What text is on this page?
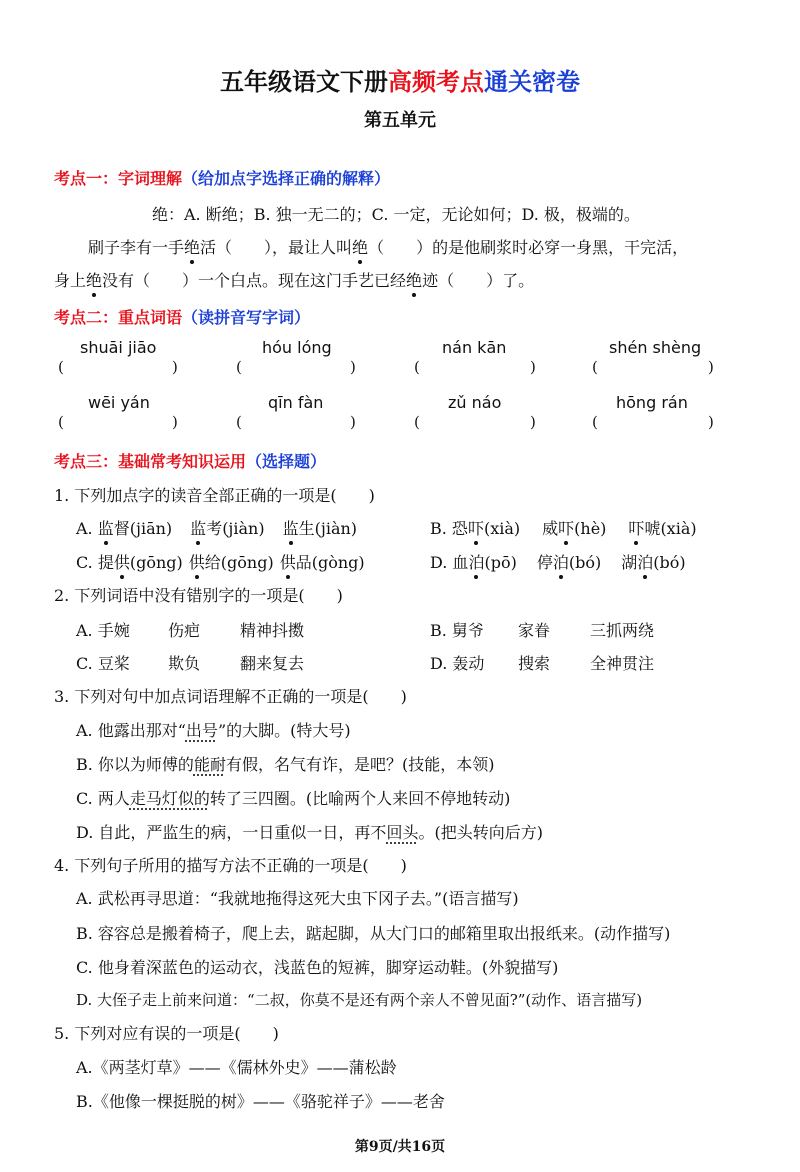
五年级语文下册高频考点通关密卷
第五单元
考点一：字词理解（给加点字选择正确的解释）
绝：A. 断绝；B. 独一无二的；C. 一定，无论如何；D. 极，极端的。
刷子李有一手绝活（　　），最让人叫绝（　　）的是他刷浆时必穿一身黑，干完活，
身上绝没有（　　）一个白点。现在这门手艺已经绝迹（　　）了。
考点二：重点词语（读拼音写字词）
shuāi jiāo	hóu lóng	nán kān	shén shèng
(	)	(	)	(	)	(	)
wēi yán	qīn fàn	zǔ náo	hōng rán
(	)	(	)	(	)	(	)
考点三：基础常考知识运用（选择题）
1. 下列加点字的读音全部正确的一项是(　　)
A. 监督(jiān) 监考(jiàn) 监生(jiàn)	B. 恐吓(xià) 威吓(hè) 吓唬(xià)
C. 提供(gōng) 供给(gōng) 供品(gòng)	D. 血泊(pō) 停泊(bó) 湖泊(bó)
2. 下列词语中没有错别字的一项是(　　)
A. 手婉 伤疤 精神抖擞	B. 舅爷 家眷 三抓两绕
C. 豆桨 欺负 翻来复去	D. 轰动 搜索 全神贯注
3. 下列对句中加点词语理解不正确的一项是(　　)
A. 他露出那对“出号”的大脚。(特大号)
B. 你以为师傅的能耐有假，名气有诈，是吧？(技能，本领)
C. 两人走马灯似的转了三四圈。(比喻两个人来回不停地转动)
D. 自此，严监生的病，一日重似一日，再不回头。(把头转向后方)
4. 下列句子所用的描写方法不正确的一项是(　　)
A. 武松再寻思道：“我就地拖得这死大虫下冈子去。”(语言描写)
B. 容容总是搬着椅子，爬上去，踮起脚，从大门口的邮箱里取出报纸来。(动作描写)
C. 他身着深蓝色的运动衣，浅蓝色的短裤，脚穿运动鞋。(外貌描写)
D. 大侄子走上前来问道：“二叔，你莫不是还有两个亲人不曾见面?”(动作、语言描写)
5. 下列对应有误的一项是(　　)
A.《两茎灯草》——《儒林外史》——蒲松龄
B.《他像一棵挺脱的树》——《骆驼祥子》——老舍
第9页/共16页
